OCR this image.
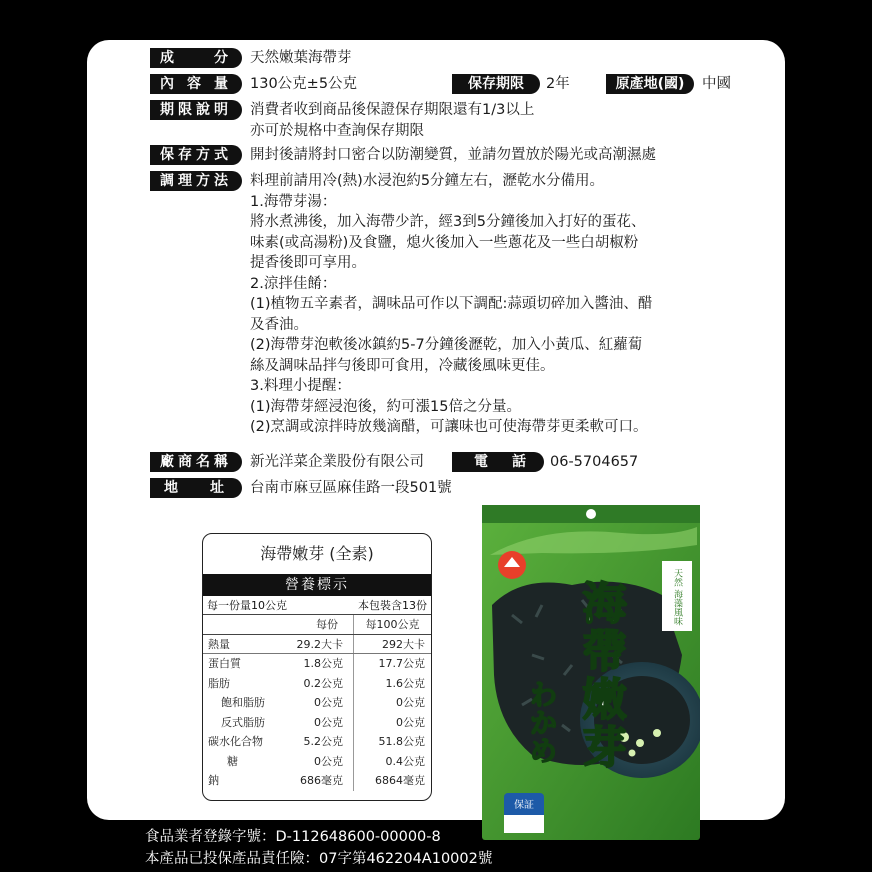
成分	天然嫩葉海帶芽
內容量	130公克±5公克	保存期限	2年	原產地(國)	中國
期限說明	消費者收到商品後保證保存期限還有1/3以上
亦可於規格中查詢保存期限
保存方式	開封後請將封口密合以防潮變質，並請勿置放於陽光或高潮濕處
調理方法	料理前請用冷(熱)水浸泡約5分鐘左右，瀝乾水分備用。
1.海帶芽湯：
將水煮沸後，加入海帶少許，經3到5分鐘後加入打好的蛋花、
味素(或高湯粉)及食鹽，熄火後加入一些蔥花及一些白胡椒粉
提香後即可享用。
2.涼拌佳餚：
(1)植物五辛素者，調味品可作以下調配:蒜頭切碎加入醬油、醋
及香油。
(2)海帶芽泡軟後冰鎮約5-7分鐘後瀝乾，加入小黃瓜、紅蘿蔔
絲及調味品拌勻後即可食用，冷藏後風味更佳。
3.料理小提醒：
(1)海帶芽經浸泡後，約可漲15倍之分量。
(2)烹調或涼拌時放幾滴醋，可讓味也可使海帶芽更柔軟可口。
廠商名稱	新光洋菜企業股份有限公司	電話	06-5704657
地址	台南市麻豆區麻佳路一段501號
海帶嫩芽 (全素)
營養標示
每一份量10公克	本包裝含13份
每份	每100公克
熱量	29.2大卡	292大卡
蛋白質	1.8公克	17.7公克
脂肪	0.2公克	1.6公克
飽和脂肪	0公克	0公克
反式脂肪	0公克	0公克
碳水化合物	5.2公克	51.8公克
糖	0公克	0.4公克
鈉	686毫克	6864毫克
天然 海藻風味
海帶嫩芽
わかめ
保証
食品業者登錄字號：D-112648600-00000-8
本產品已投保產品責任險：07字第462204A10002號
